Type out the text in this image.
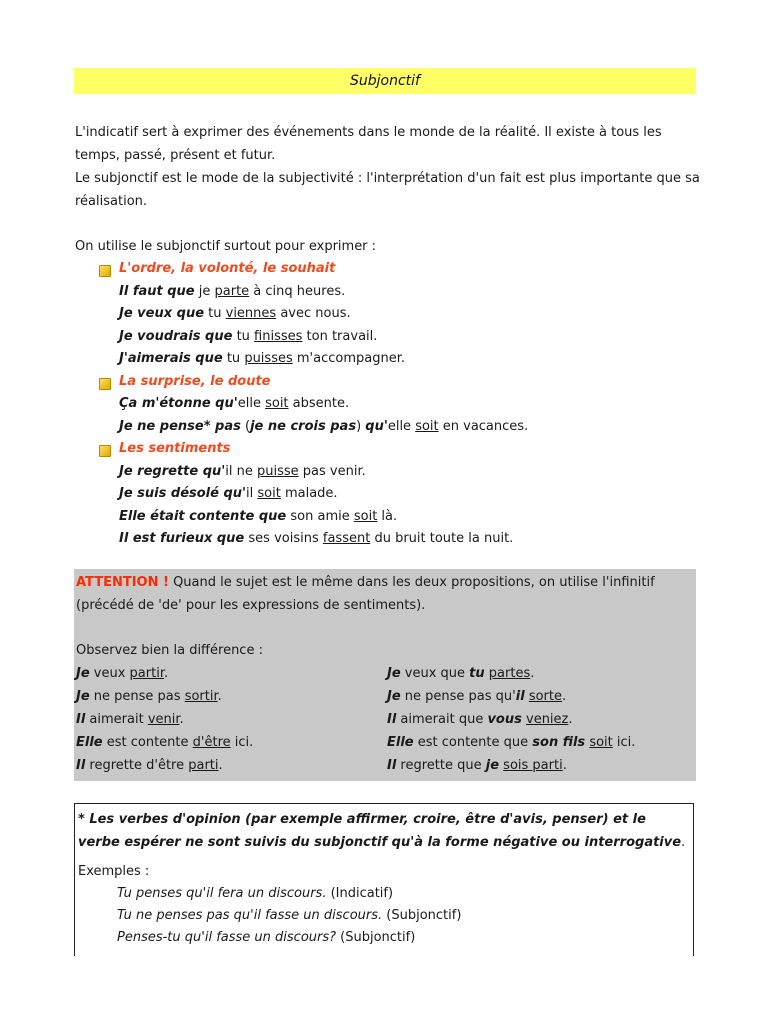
Subjonctif

L'indicatif sert à exprimer des événements dans le monde de la réalité. Il existe à tous les temps, passé, présent et futur.

Le subjonctif est le mode de la subjectivité : l'interprétation d'un fait est plus importante que sa réalisation.

On utilise le subjonctif surtout pour exprimer :
L'ordre, la volonté, le souhait
Il faut que je parte à cinq heures.
Je veux que tu viennes avec nous.
Je voudrais que tu finisses ton travail.
J'aimerais que tu puisses m'accompagner.
La surprise, le doute
Ça m'étonne qu'elle soit absente.
Je ne pense* pas (je ne crois pas) qu'elle soit en vacances.
Les sentiments
Je regrette qu'il ne puisse pas venir.
Je suis désolé qu'il soit malade.
Elle était contente que son amie soit là.
Il est furieux que ses voisins fassent du bruit toute la nuit.
ATTENTION ! Quand le sujet est le même dans les deux propositions, on utilise l'infinitif (précédé de 'de' pour les expressions de sentiments).
Observez bien la différence :
Je veux partir.
Je ne pense pas sortir.
Il aimerait venir.
Elle est contente d'être ici.
Il regrette d'être parti.
Je veux que tu partes.
Je ne pense pas qu'il sorte.
Il aimerait que vous veniez.
Elle est contente que son fils soit ici.
Il regrette que je sois parti.
* Les verbes d'opinion (par exemple affirmer, croire, être d'avis, penser) et le verbe espérer ne sont suivis du subjonctif qu'à la forme négative ou interrogative.
Exemples :
Tu penses qu'il fera un discours. (Indicatif)
Tu ne penses pas qu'il fasse un discours. (Subjonctif)
Penses-tu qu'il fasse un discours? (Subjonctif)
